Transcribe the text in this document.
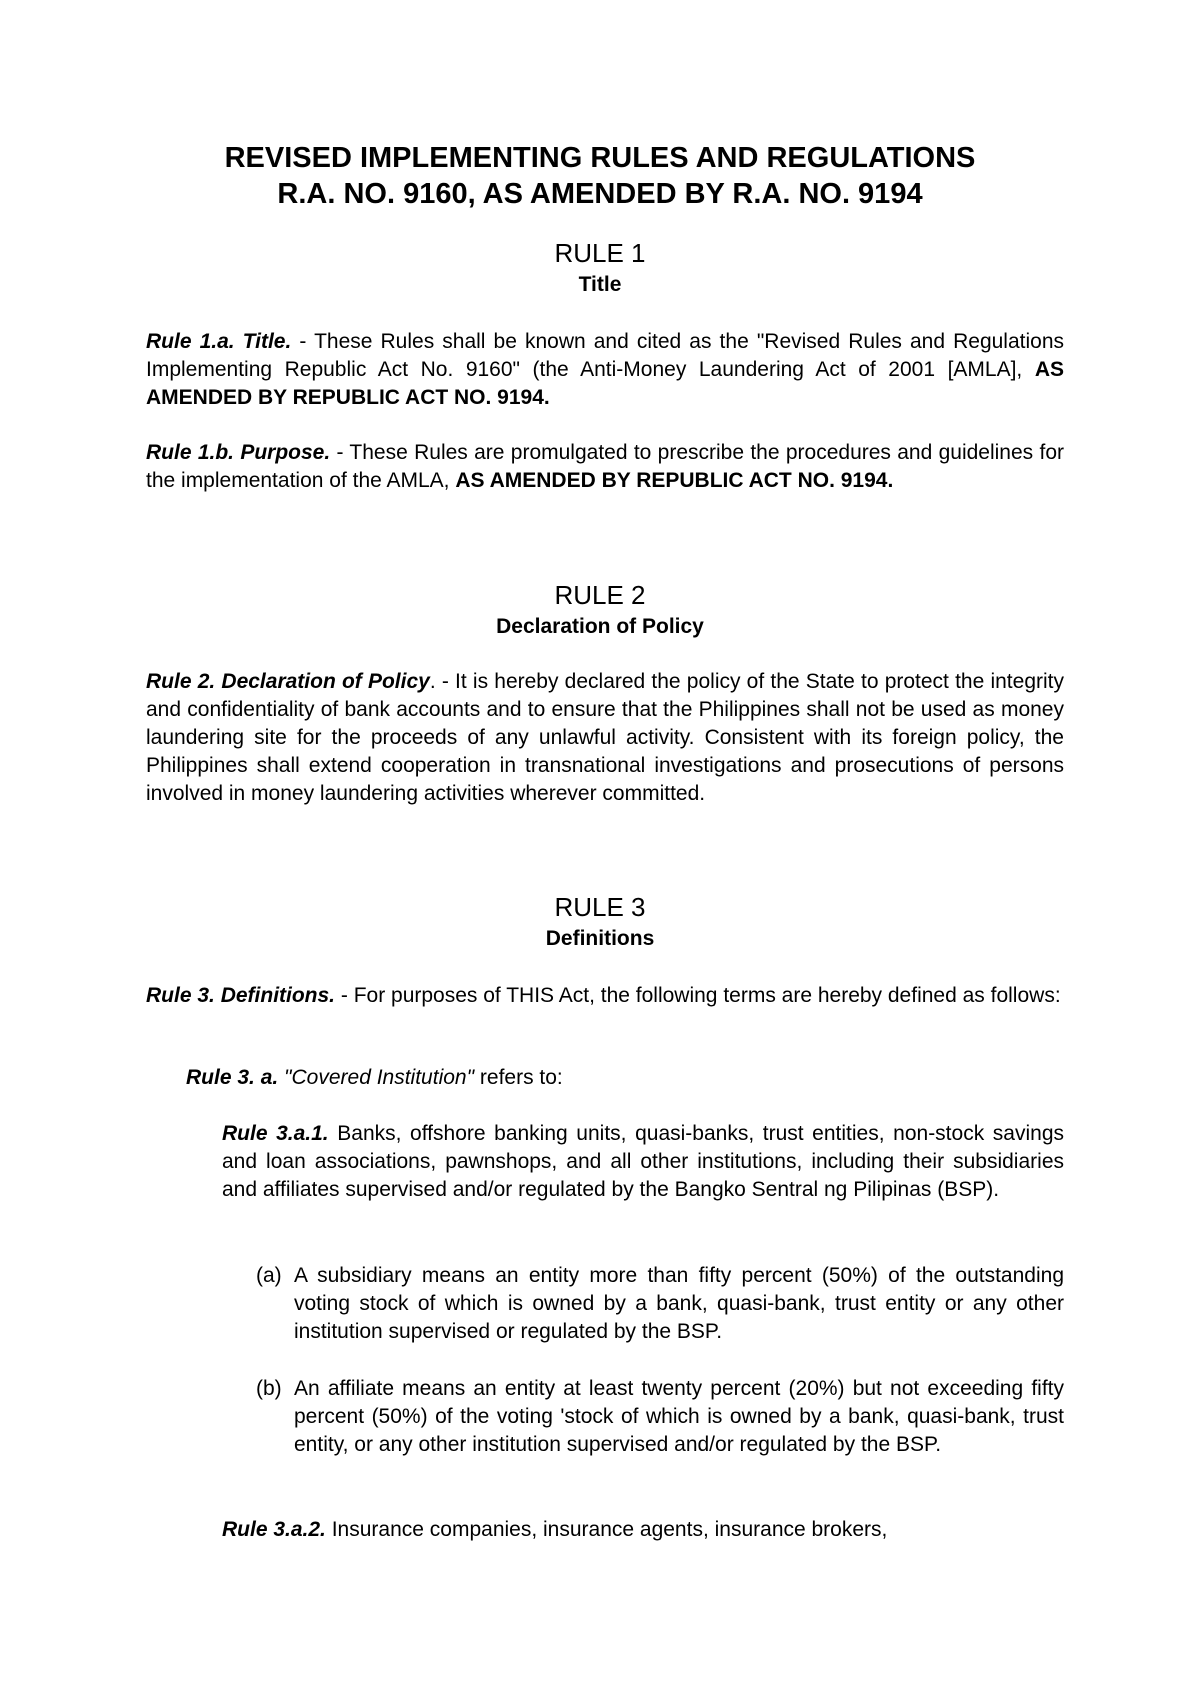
REVISED IMPLEMENTING RULES AND REGULATIONS
R.A. NO. 9160, AS AMENDED BY R.A. NO. 9194
RULE 1
Title

Rule 1.a. Title. - These Rules shall be known and cited as the "Revised Rules and Regulations Implementing Republic Act No. 9160" (the Anti-Money Laundering Act of 2001 [AMLA], AS AMENDED BY REPUBLIC ACT NO. 9194.

Rule 1.b. Purpose. - These Rules are promulgated to prescribe the procedures and guidelines for the implementation of the AMLA, AS AMENDED BY REPUBLIC ACT NO. 9194.

RULE 2
Declaration of Policy

Rule 2. Declaration of Policy. - It is hereby declared the policy of the State to protect the integrity and confidentiality of bank accounts and to ensure that the Philippines shall not be used as money laundering site for the proceeds of any unlawful activity. Consistent with its foreign policy, the Philippines shall extend cooperation in transnational investigations and prosecutions of persons involved in money laundering activities wherever committed.

RULE 3
Definitions

Rule 3. Definitions. - For purposes of THIS Act, the following terms are hereby defined as follows:

Rule 3. a. "Covered Institution" refers to:

Rule 3.a.1. Banks, offshore banking units, quasi-banks, trust entities, non-stock savings and loan associations, pawnshops, and all other institutions, including their subsidiaries and affiliates supervised and/or regulated by the Bangko Sentral ng Pilipinas (BSP).

(a) A subsidiary means an entity more than fifty percent (50%) of the outstanding voting stock of which is owned by a bank, quasi-bank, trust entity or any other institution supervised or regulated by the BSP.
(b) An affiliate means an entity at least twenty percent (20%) but not exceeding fifty percent (50%) of the voting 'stock of which is owned by a bank, quasi-bank, trust entity, or any other institution supervised and/or regulated by the BSP.

Rule 3.a.2. Insurance companies, insurance agents, insurance brokers,
